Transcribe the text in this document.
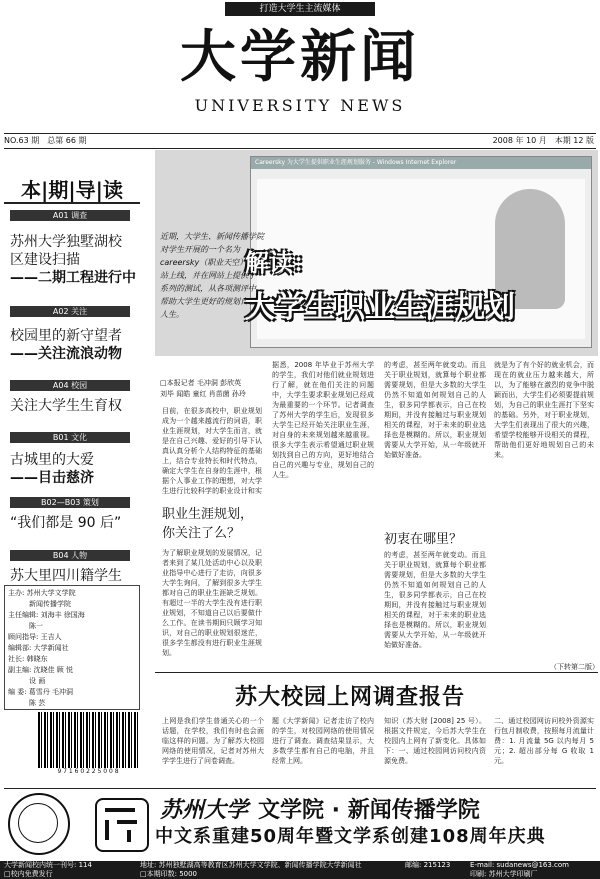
打造大学生主流媒体
大学新闻
UNIVERSITY NEWS
NO.63 期　总第 66 期	2008 年 10 月　本期 12 版
本|期|导|读
A01 调查
苏州大学独墅湖校
区建设扫描
——二期工程进行中
A02 关注
校园里的新守望者
——关注流浪动物
A04 校园
关注大学生生育权
B01 文化
古城里的大爱
——目击慈济
B02—B03 策划
“我们都是 90 后”
B04 人物
苏大里四川籍学生
主办: 苏州大学文学院
　　　新闻传播学院
主任编辑: 刘海丰 徐国海
　　　陈一
顾问指导: 王吉人
编辑部: 大学新闻社
社长: 韩晓东
副主编: 沈晓佳 顾 悦
　　　设 画
编 委: 葛雪丹 毛冲洞
　　　陈 芸
9 7 1 6 0 2 2 5 0 0 8
Careersky 为大学生提供职业生涯规划服务 - Windows Internet Explorer
近期，大学生、新闻传播学院对学生开展的一个名为 careersky（职业天空）的网站上线，并在网站上提供了一系列的测试，从各项测评中，帮助大学生更好的规划自己的人生。
解读：
大学生职业生涯规划
□本报记者 毛冲洞 彭欣英
刘毕 闻皓 童红 肖苗菌 孙玲
目前，在很多高校中，职业规划成为一个越来越流行的词语，职业生涯规划，对大学生而言，就是在自己兴趣、爱好的引导下认真认真分析个人结构特征的基础上，结合专业特长和时代特点，确定大学生在自身的生涯中，根据个人事业工作的理想，对大学生进行比较科学的职业设计和实
职业生涯规划，你关注了么？
为了解职业规划的发展情况，记者来到了某几处活动中心以及职业指导中心进行了走访，向很多大学生询问，了解到很多大学生都对自己的职业生涯缺乏规划。有超过一半的大学生没有进行职业规划，不知道自己以后要做什么工作。在读书期间只顾学习知识，对自己的职业规划很迷茫，很多学生都没有进行职业生涯规划。
据悉，2008 年毕业于苏州大学的学生，我们对他们就业规划进行了解，就在他们关注的问题中，大学生要求职业规划已经成为最重要的一个环节。记者调查了苏州大学的学生后，发现很多大学生已经开始关注职业生涯，对自身的未来规划越来越重视。很多大学生表示希望通过职业规划找到自己的方向，更好地结合自己的兴趣与专业，规划自己的人生。
的考虑，甚至两年就变动。而且关于职业规划，就算每个职业都需要规划，但是大多数的大学生仍然不知道如何规划自己的人生，很多同学都表示，自己在校期间，并没有接触过与职业规划相关的课程，对于未来的职业选择也是模糊的。所以，职业规划需要从大学开始，从一年级就开始做好准备。
初衷在哪里？
的考虑，甚至两年就变动。而且关于职业规划，就算每个职业都需要规划，但是大多数的大学生仍然不知道如何规划自己的人生，很多同学都表示，自己在校期间，并没有接触过与职业规划相关的课程，对于未来的职业选择也是模糊的。所以，职业规划需要从大学开始，从一年级就开始做好准备。
就是为了有个好的就业机会，而现在的就业压力越来越大，所以，为了能够在激烈的竞争中脱颖而出，大学生们必须要提前规划，为自己的职业生涯打下坚实的基础。另外，对于职业规划，大学生们表现出了很大的兴趣，希望学校能够开设相关的课程，帮助他们更好地规划自己的未来。
（下转第二版）
苏大校园上网调查报告
上网是我们学生普通关心的一个话题，在学校，我们有时也会面临这样的问题。为了解苏大校园网络的使用情况，记者对苏州大学学生进行了问卷调查。
题《大学新闻》记者走访了校内的学生，对校园网络的使用情况进行了调查。调查结果显示，大多数学生都有自己的电脑，并且经常上网。
知识（苏大财 [2008] 25 号）。根据文件规定，今后苏大学生在校园内上网有了新变化。具体如下：一、通过校园网访问校内资源免费。
二、通过校园网访问校外资源实行包月制收费，按照每月流量计费：1. 月流量 5G 以内每月 5 元；2. 超出部分每 G 收取 1 元。
苏州大学 文学院 · 新闻传播学院
中文系重建50周年暨文学系创建108周年庆典
大学新闻校内统一刊号: 114
□校内免费发行
地址: 苏州独墅湖高等教育区苏州大学文学院、新闻传播学院大学新闻社
□本期印数: 5000
邮编: 215123	E-mail: sudanews@163.com
印刷: 苏州大学印刷厂
